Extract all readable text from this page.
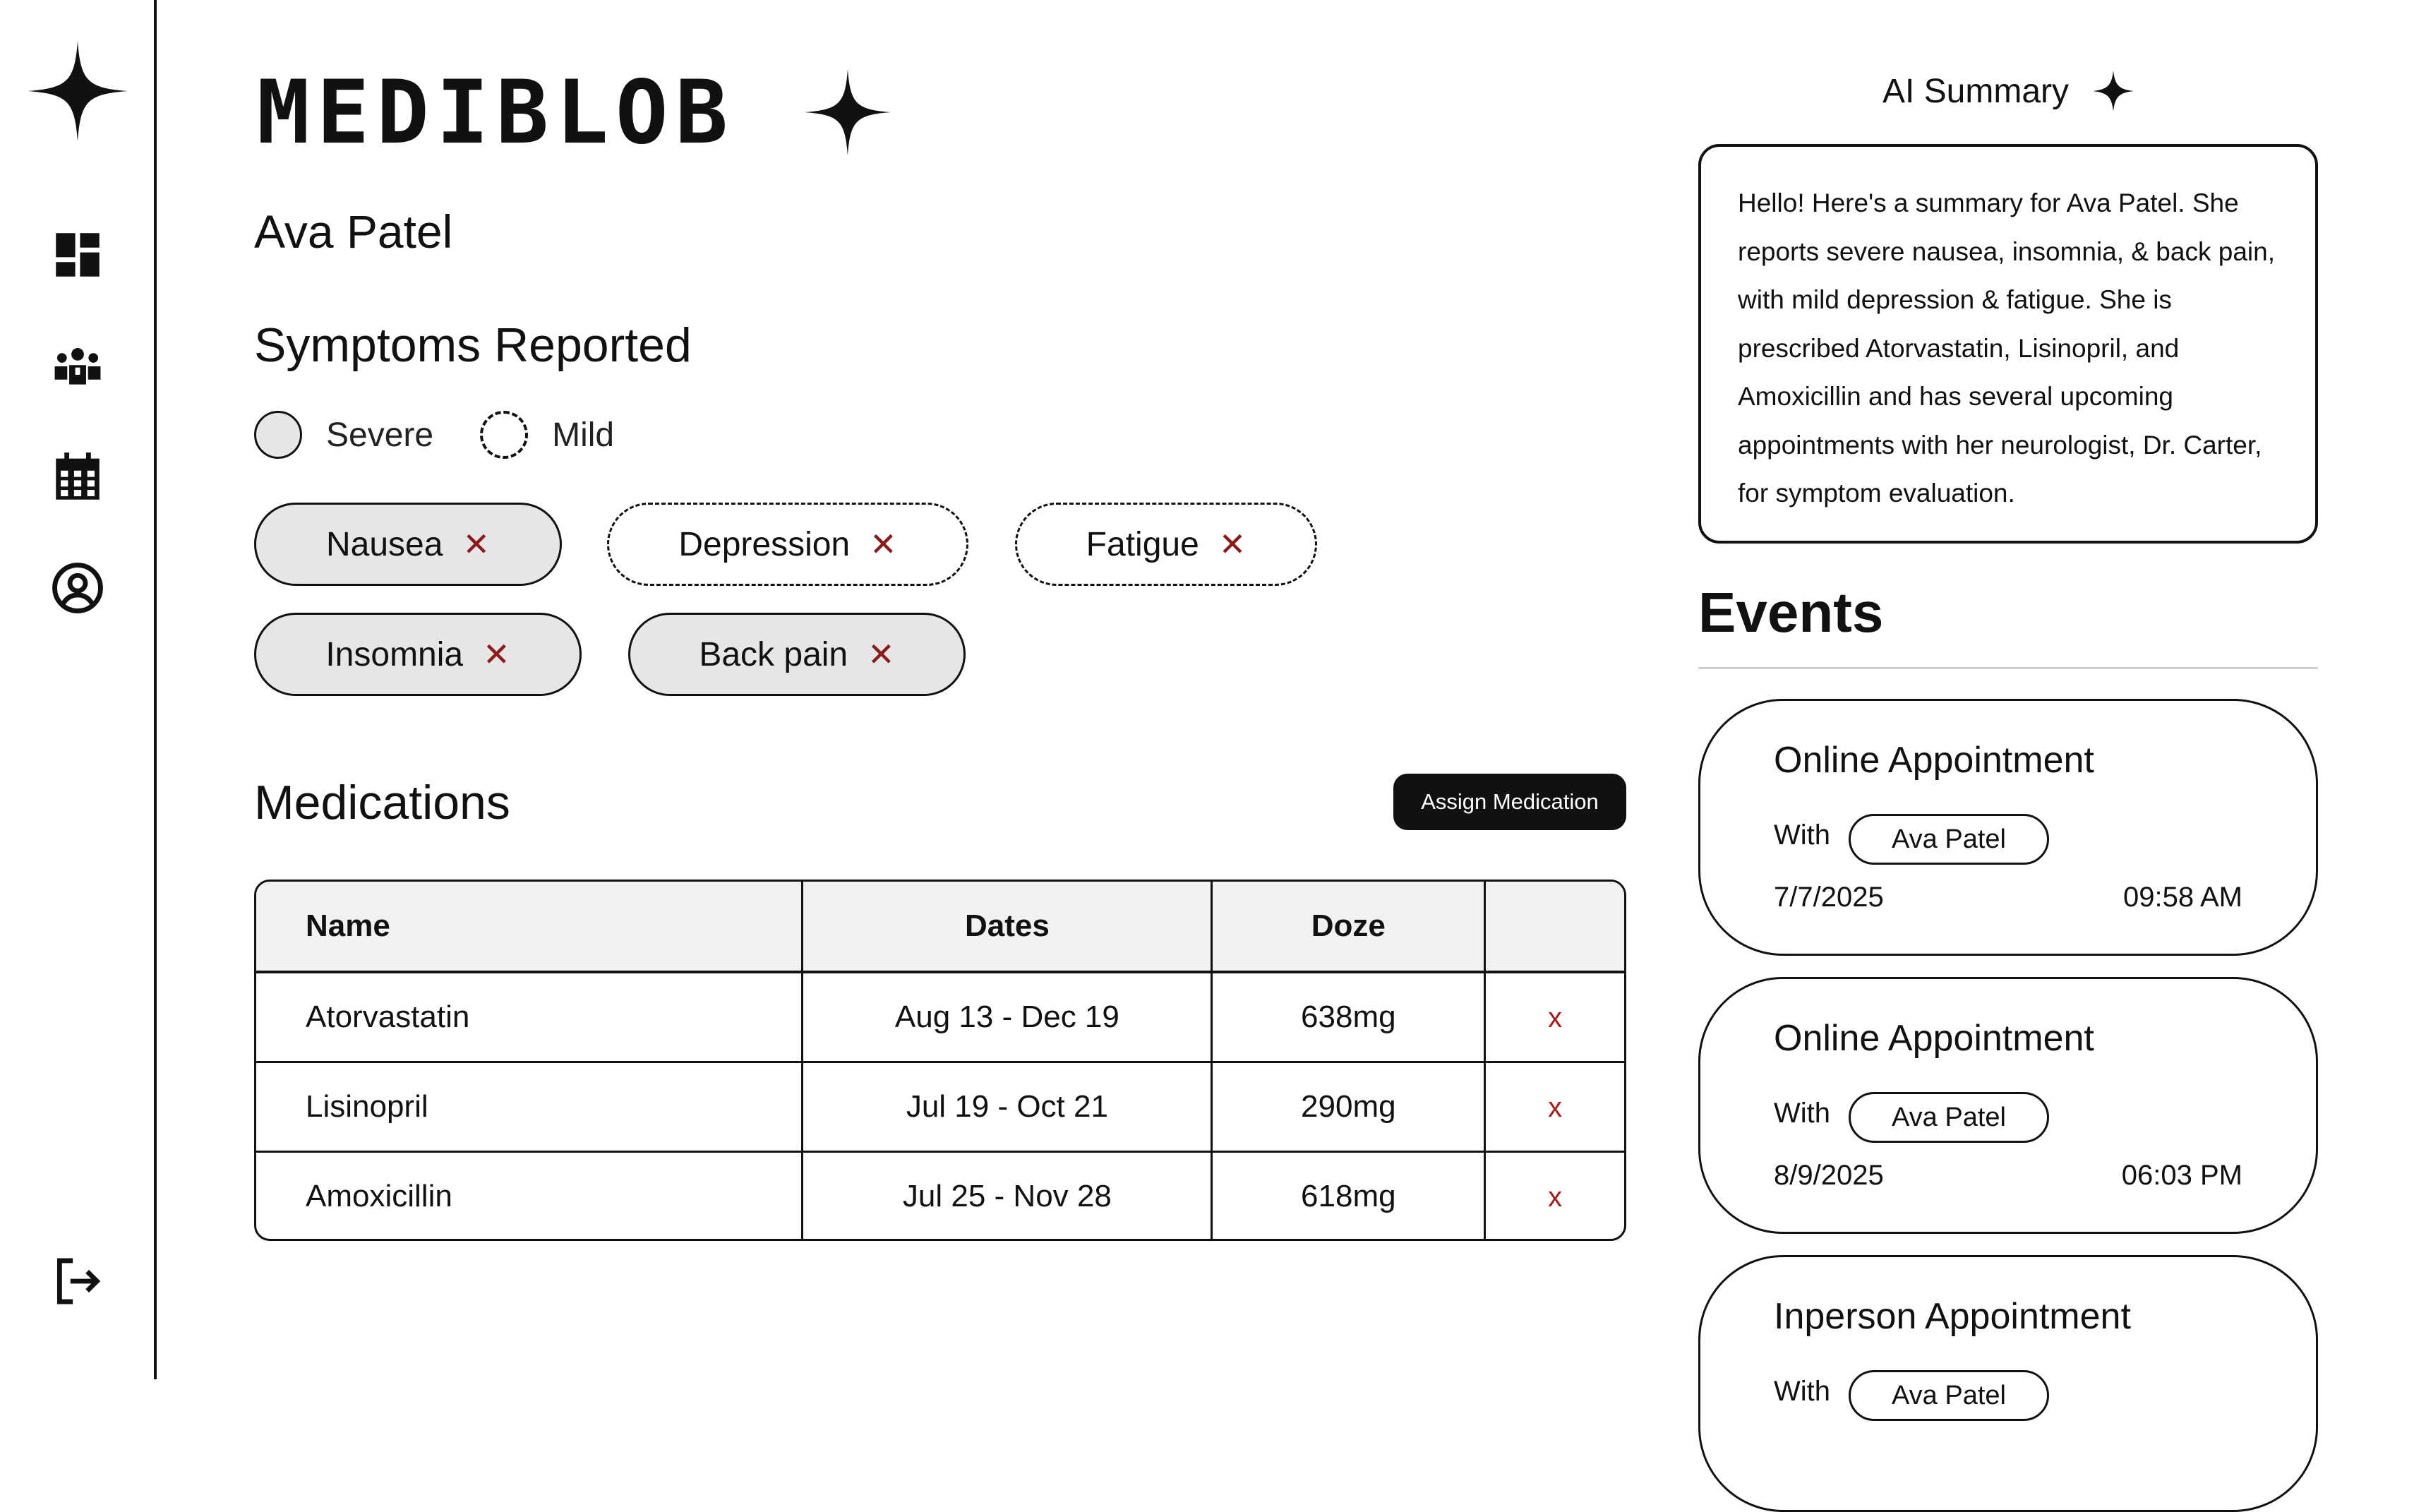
MEDIBLOB
Ava Patel
Symptoms Reported
Severe	Mild
Nausea ✕	Depression ✕	Fatigue ✕
Insomnia ✕	Back pain ✕
Medications	Assign Medication
Name	Dates	Doze	
Atorvastatin	Aug 13 - Dec 19	638mg	x
Lisinopril	Jul 19 - Oct 21	290mg	x
Amoxicillin	Jul 25 - Nov 28	618mg	x
AI Summary

Hello! Here's a summary for Ava Patel. She reports severe nausea, insomnia, & back pain, with mild depression & fatigue. She is prescribed Atorvastatin, Lisinopril, and Amoxicillin and has several upcoming appointments with her neurologist, Dr. Carter, for symptom evaluation.

Events
Online Appointment
With	Ava Patel
7/7/2025	09:58 AM
Online Appointment
With	Ava Patel
8/9/2025	06:03 PM
Inperson Appointment
With	Ava Patel
